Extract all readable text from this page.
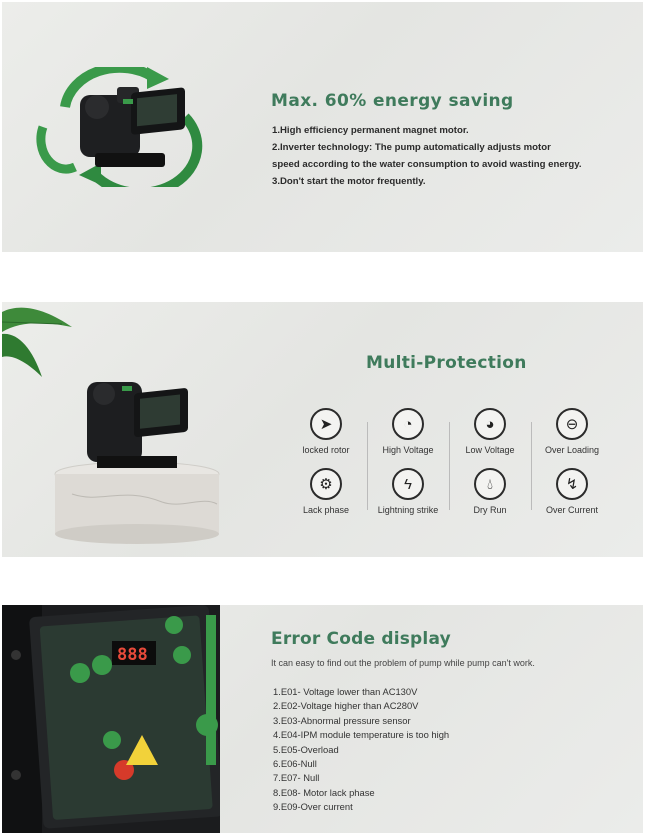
Max. 60% energy saving
1.High efficiency permanent magnet motor.
2.Inverter technology: The pump automatically adjusts motor
speed according to the water consumption to avoid wasting energy.
3.Don't start the motor frequently.
Multi-Protection
➤
locked rotor
◔
High Voltage
◕
Low Voltage
⊖
Over Loading
⚙
Lack phase
ϟ
Lightning strike
💧︎
Dry Run
↯
Over Current
888
Error Code display
It can easy to find out the problem of pump while pump can't work.
1.E01- Voltage lower than AC130V
2.E02-Voltage higher than AC280V
3.E03-Abnormal pressure sensor
4.E04-IPM module temperature is too high
5.E05-Overload
6.E06-Null
7.E07- Null
8.E08- Motor lack phase
9.E09-Over current
